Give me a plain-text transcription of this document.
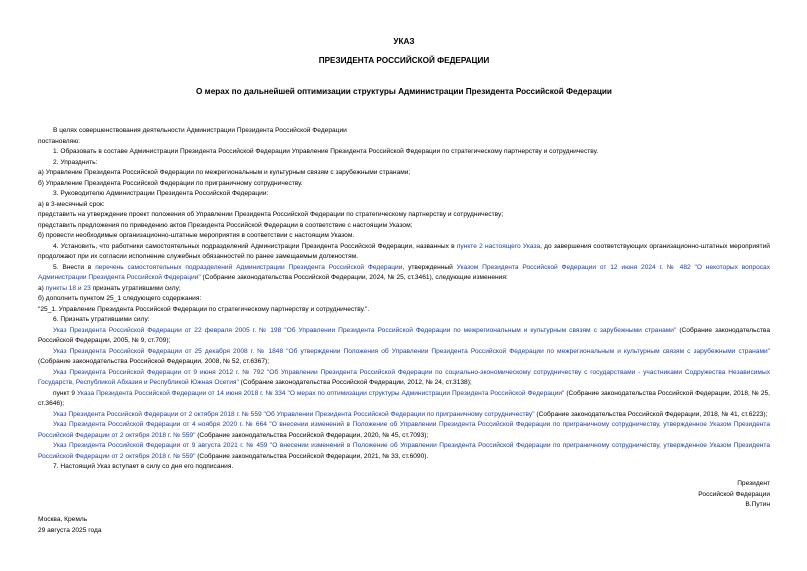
УКАЗ
ПРЕЗИДЕНТА РОССИЙСКОЙ ФЕДЕРАЦИИ
О мерах по дальнейшей оптимизации структуры Администрации Президента Российской Федерации

В целях совершенствования деятельности Администрации Президента Российской Федерации

постановляю:

1. Образовать в составе Администрации Президента Российской Федерации Управление Президента Российской Федерации по стратегическому партнерству и сотрудничеству.

2. Упразднить:

а) Управление Президента Российской Федерации по межрегиональным и культурным связям с зарубежными странами;

б) Управление Президента Российской Федерации по приграничному сотрудничеству.

3. Руководителю Администрации Президента Российской Федерации:

а) в 3-месячный срок:

представить на утверждение проект положения об Управлении Президента Российской Федерации по стратегическому партнерству и сотрудничеству;

представить предложения по приведению актов Президента Российской Федерации в соответствие с настоящим Указом;

б) провести необходимые организационно-штатные мероприятия в соответствии с настоящим Указом.

4. Установить, что работники самостоятельных подразделений Администрации Президента Российской Федерации, названных в пункте 2 настоящего Указа, до завершения соответствующих организационно-штатных мероприятий продолжают при их согласии исполнение служебных обязанностей по ранее замещаемым должностям.

5. Внести в перечень самостоятельных подразделений Администрации Президента Российской Федерации, утвержденный Указом Президента Российской Федерации от 12 июня 2024 г. № 482 "О некоторых вопросах Администрации Президента Российской Федерации" (Собрание законодательства Российской Федерации, 2024, № 25, ст.3461), следующие изменения:

а) пункты 18 и 23 признать утратившими силу;

б) дополнить пунктом 25_1 следующего содержания:

"25_1. Управление Президента Российской Федерации по стратегическому партнерству и сотрудничеству.".

6. Признать утратившими силу:

Указ Президента Российской Федерации от 22 февраля 2005 г. № 198 "Об Управлении Президента Российской Федерации по межрегиональным и культурным связям с зарубежными странами" (Собрание законодательства Российской Федерации, 2005, № 9, ст.709);

Указ Президента Российской Федерации от 25 декабря 2008 г. № 1848 "Об утверждении Положения об Управлении Президента Российской Федерации по межрегиональным и культурным связям с зарубежными странами" (Собрание законодательства Российской Федерации, 2008, № 52, ст.6367);

Указ Президента Российской Федерации от 9 июня 2012 г. № 792 "Об Управлении Президента Российской Федерации по социально-экономическому сотрудничеству с государствами - участниками Содружества Независимых Государств, Республикой Абхазия и Республикой Южная Осетия" (Собрание законодательства Российской Федерации, 2012, № 24, ст.3138);

пункт 9 Указа Президента Российской Федерации от 14 июня 2018 г. № 334 "О мерах по оптимизации структуры Администрации Президента Российской Федерации" (Собрание законодательства Российской Федерации, 2018, № 25, ст.3646);

Указ Президента Российской Федерации от 2 октября 2018 г. № 559 "Об Управлении Президента Российской Федерации по приграничному сотрудничеству" (Собрание законодательства Российской Федерации, 2018, № 41, ст.6223);

Указ Президента Российской Федерации от 4 ноября 2020 г. № 664 "О внесении изменений в Положение об Управлении Президента Российской Федерации по приграничному сотрудничеству, утвержденное Указом Президента Российской Федерации от 2 октября 2018 г. № 559" (Собрание законодательства Российской Федерации, 2020, № 45, ст.7093);

Указ Президента Российской Федерации от 9 августа 2021 г. № 459 "О внесении изменений в Положение об Управлении Президента Российской Федерации по приграничному сотрудничеству, утвержденное Указом Президента Российской Федерации от 2 октября 2018 г. № 559" (Собрание законодательства Российской Федерации, 2021, № 33, ст.6090).

7. Настоящий Указ вступает в силу со дня его подписания.

Президент
Российской Федерации
В.Путин
Москва, Кремль
29 августа 2025 года
